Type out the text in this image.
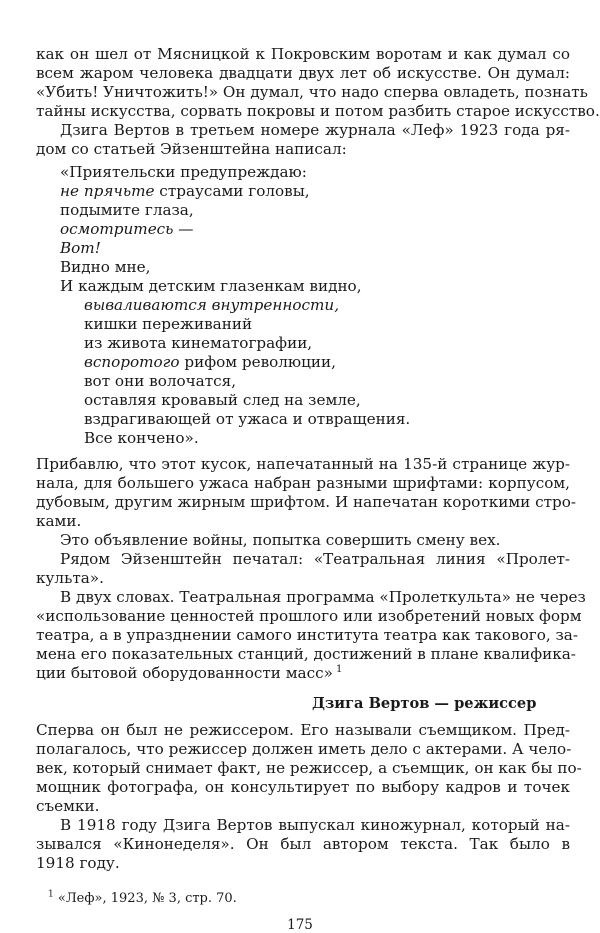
как он шел от Мясницкой к Покровским воротам и как думал со
всем жаром человека двадцати двух лет об искусстве. Он думал:
«Убить! Уничтожить!» Он думал, что надо сперва овладеть, познать
тайны искусства, сорвать покровы и потом разбить старое искусство.
Дзига Вертов в третьем номере журнала «Леф» 1923 года ря-
дом со статьей Эйзенштейна написал:
«Приятельски предупреждаю:
не прячьте страусами головы,
подымите глаза,
осмотритесь —
Вот!
Видно мне,
И каждым детским глазенкам видно,
вываливаются внутренности,
кишки переживаний
из живота кинематографии,
вспоротого рифом революции,
вот они волочатся,
оставляя кровавый след на земле,
вздрагивающей от ужаса и отвращения.
Все кончено».
Прибавлю, что этот кусок, напечатанный на 135-й странице жур-
нала, для большего ужаса набран разными шрифтами: корпусом,
дубовым, другим жирным шрифтом. И напечатан короткими стро-
ками.
Это объявление войны, попытка совершить смену вех.
Рядом Эйзенштейн печатал: «Театральная линия «Пролет-
культа».
В двух словах. Театральная программа «Пролеткульта» не через
«использование ценностей прошлого или изобретений новых форм
театра, а в упразднении самого института театра как такового, за-
мена его показательных станций, достижений в плане квалифика-
ции бытовой оборудованности масс» $^1$
Дзига Вертов — режиссер
Сперва он был не режиссером. Его называли съемщиком. Пред-
полагалось, что режиссер должен иметь дело с актерами. А чело-
век, который снимает факт, не режиссер, а съемщик, он как бы по-
мощник фотографа, он консультирует по выбору кадров и точек
съемки.
В 1918 году Дзига Вертов выпускал киножурнал, который на-
зывался «Кинонеделя». Он был автором текста. Так было в
1918 году.
$^1$ «Леф», 1923, № 3, стр. 70.
175
